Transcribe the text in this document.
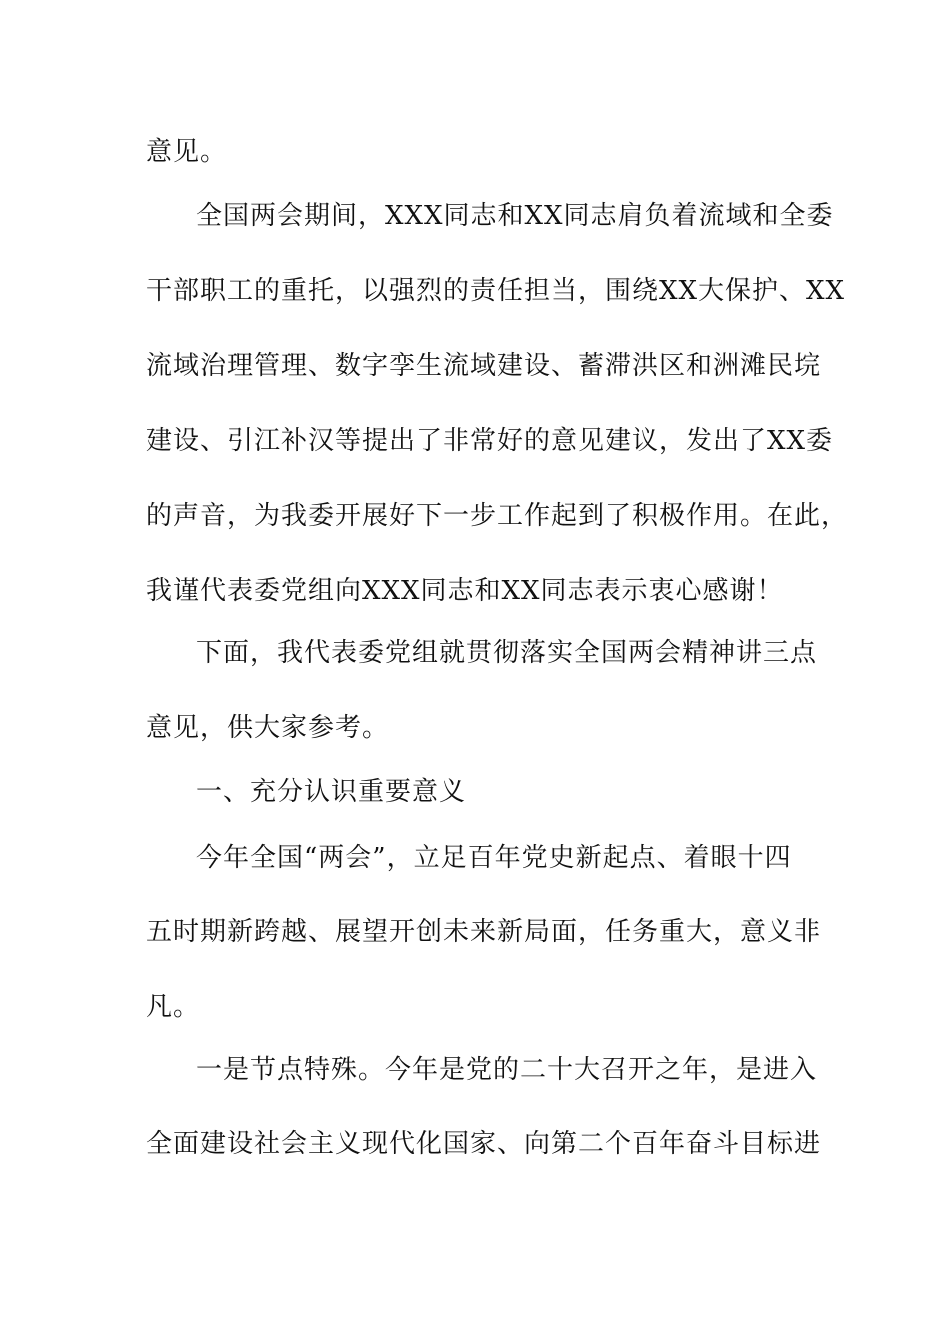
意见。
全国两会期间，XXX同志和XX同志肩负着流域和全委
干部职工的重托，以强烈的责任担当，围绕XX大保护、XX
流域治理管理、数字孪生流域建设、蓄滞洪区和洲滩民垸
建设、引江补汉等提出了非常好的意见建议，发出了XX委
的声音，为我委开展好下一步工作起到了积极作用。在此，
我谨代表委党组向XXX同志和XX同志表示衷心感谢！
下面，我代表委党组就贯彻落实全国两会精神讲三点
意见，供大家参考。
一、充分认识重要意义
今年全国“两会”，立足百年党史新起点、着眼十四
五时期新跨越、展望开创未来新局面，任务重大，意义非
凡。
一是节点特殊。今年是党的二十大召开之年，是进入
全面建设社会主义现代化国家、向第二个百年奋斗目标进
